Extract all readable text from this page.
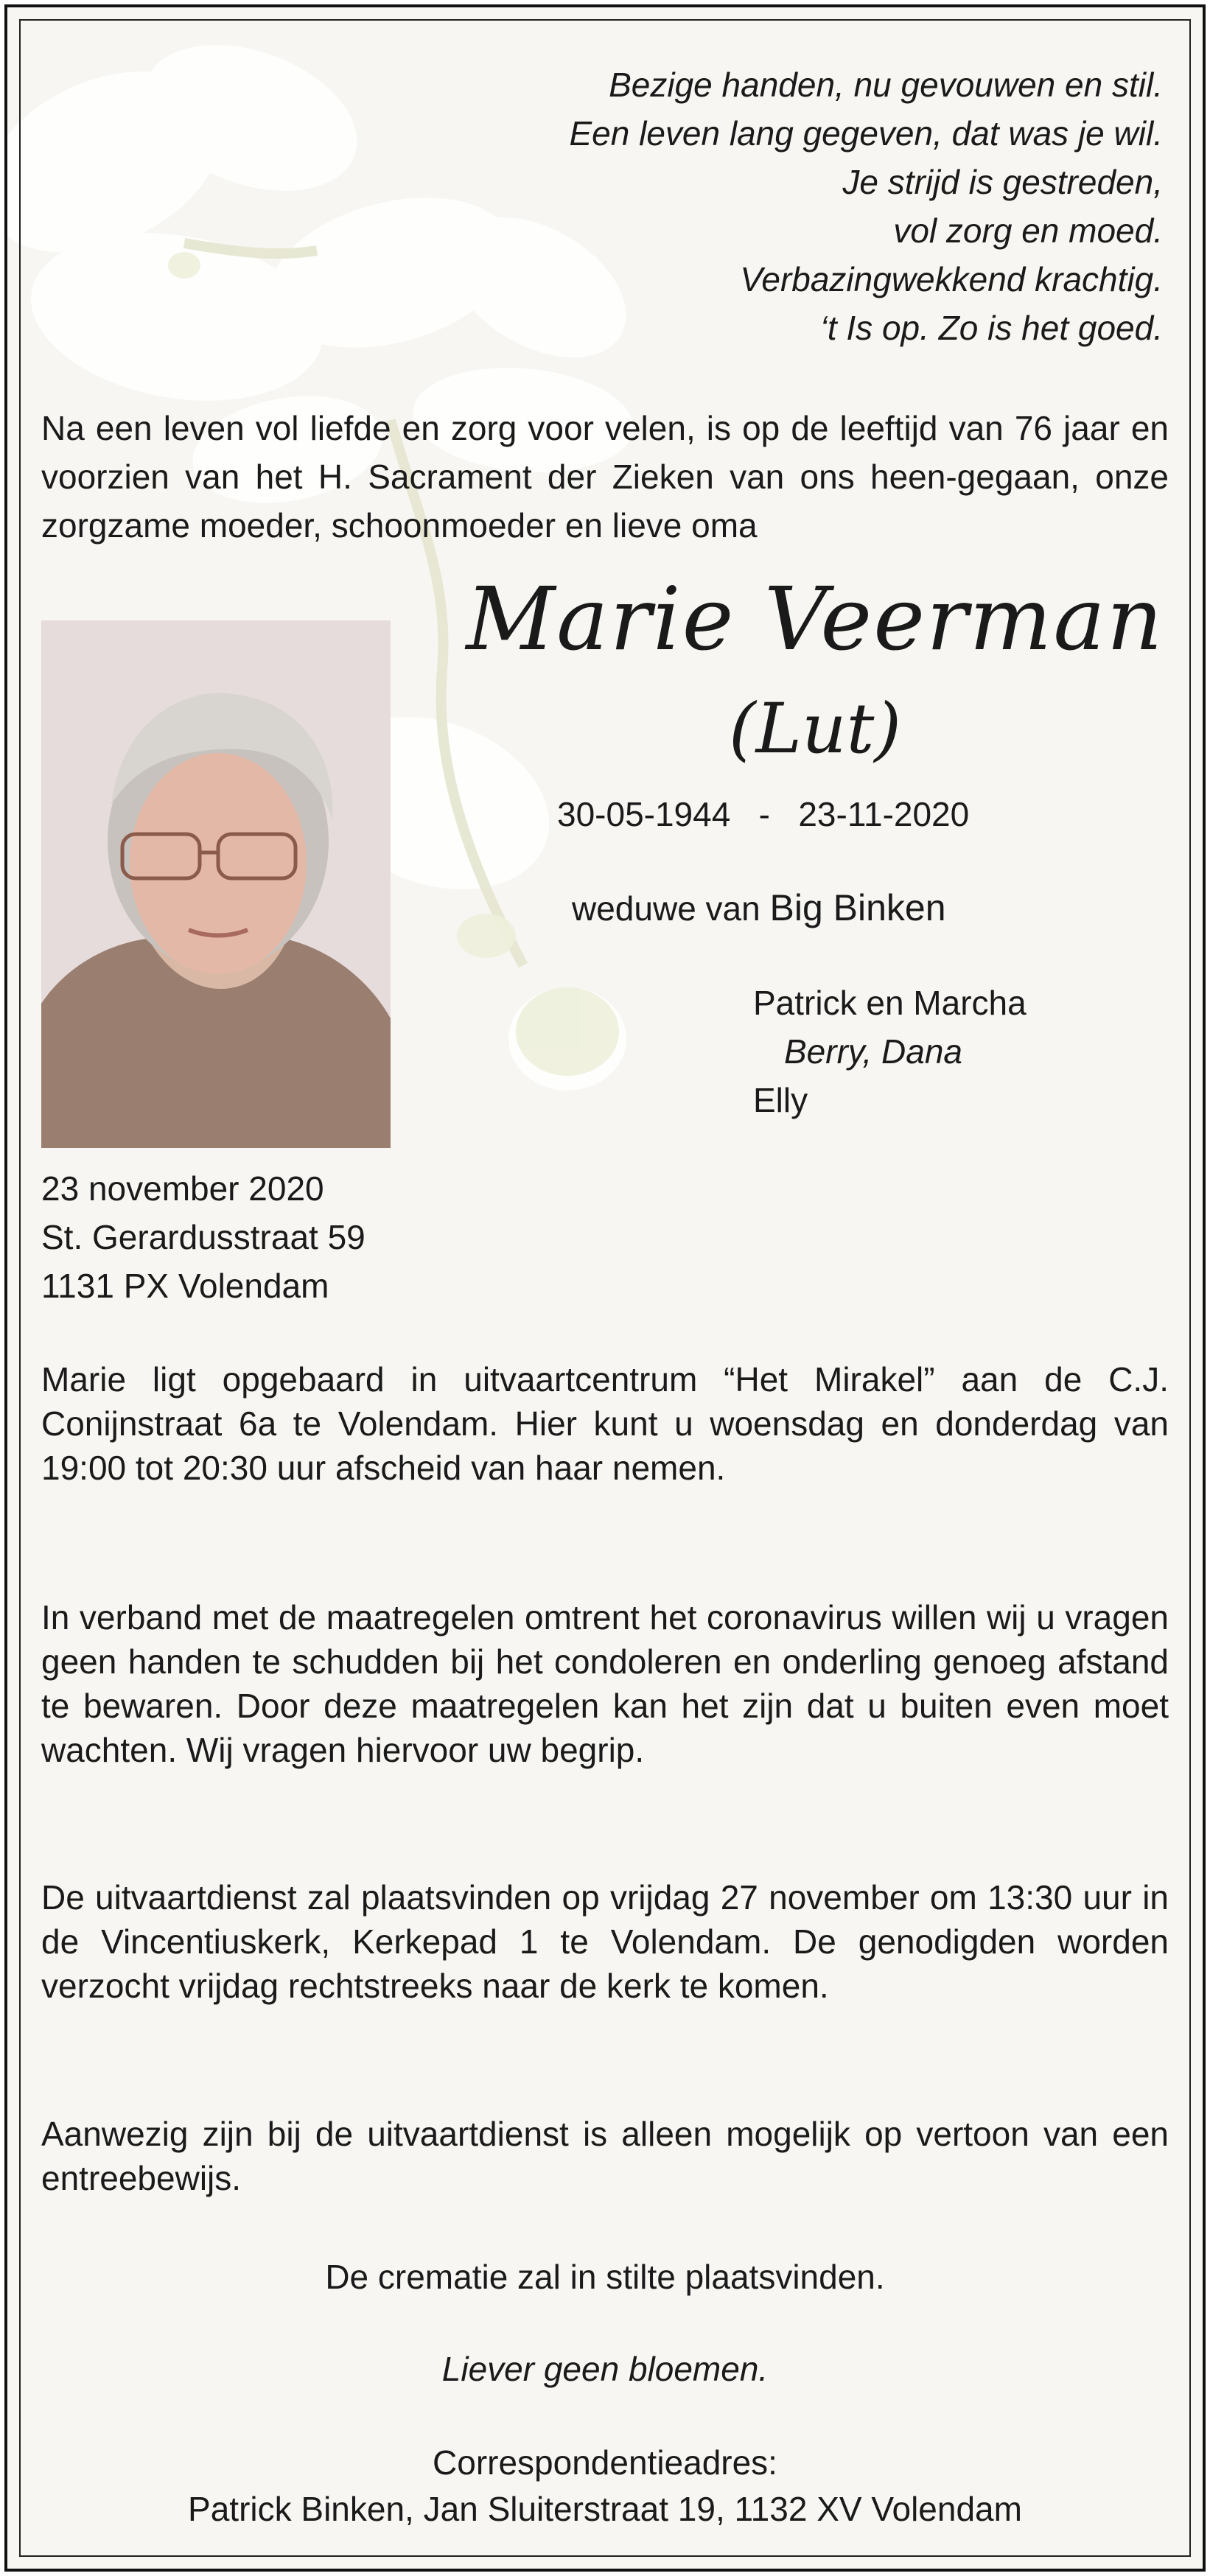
Bezige handen, nu gevouwen en stil.
Een leven lang gegeven, dat was je wil.
Je strijd is gestreden,
vol zorg en moed.
Verbazingwekkend krachtig.
‘t Is op. Zo is het goed.

Na een leven vol liefde en zorg voor velen, is op de leeftijd van 76 jaar en voorzien van het H. Sacrament der Zieken van ons heen-gegaan, onze zorgzame moeder, schoonmoeder en lieve oma

Marie Veerman
(Lut)
30-05-1944 - 23-11-2020
weduwe van Big Binken
Patrick en Marcha
Berry, Dana
Elly
23 november 2020
St. Gerardusstraat 59
1131 PX Volendam

Marie ligt opgebaard in uitvaartcentrum “Het Mirakel” aan de C.J. Conijnstraat 6a te Volendam. Hier kunt u woensdag en donderdag van 19:00 tot 20:30 uur afscheid van haar nemen.

In verband met de maatregelen omtrent het coronavirus willen wij u vragen geen handen te schudden bij het condoleren en onderling genoeg afstand te bewaren. Door deze maatregelen kan het zijn dat u buiten even moet wachten. Wij vragen hiervoor uw begrip.

De uitvaartdienst zal plaatsvinden op vrijdag 27 november om 13:30 uur in de Vincentiuskerk, Kerkepad 1 te Volendam. De genodigden worden verzocht vrijdag rechtstreeks naar de kerk te komen.

Aanwezig zijn bij de uitvaartdienst is alleen mogelijk op vertoon van een entreebewijs.

De crematie zal in stilte plaatsvinden.

Liever geen bloemen.

Correspondentieadres:

Patrick Binken, Jan Sluiterstraat 19, 1132 XV Volendam
